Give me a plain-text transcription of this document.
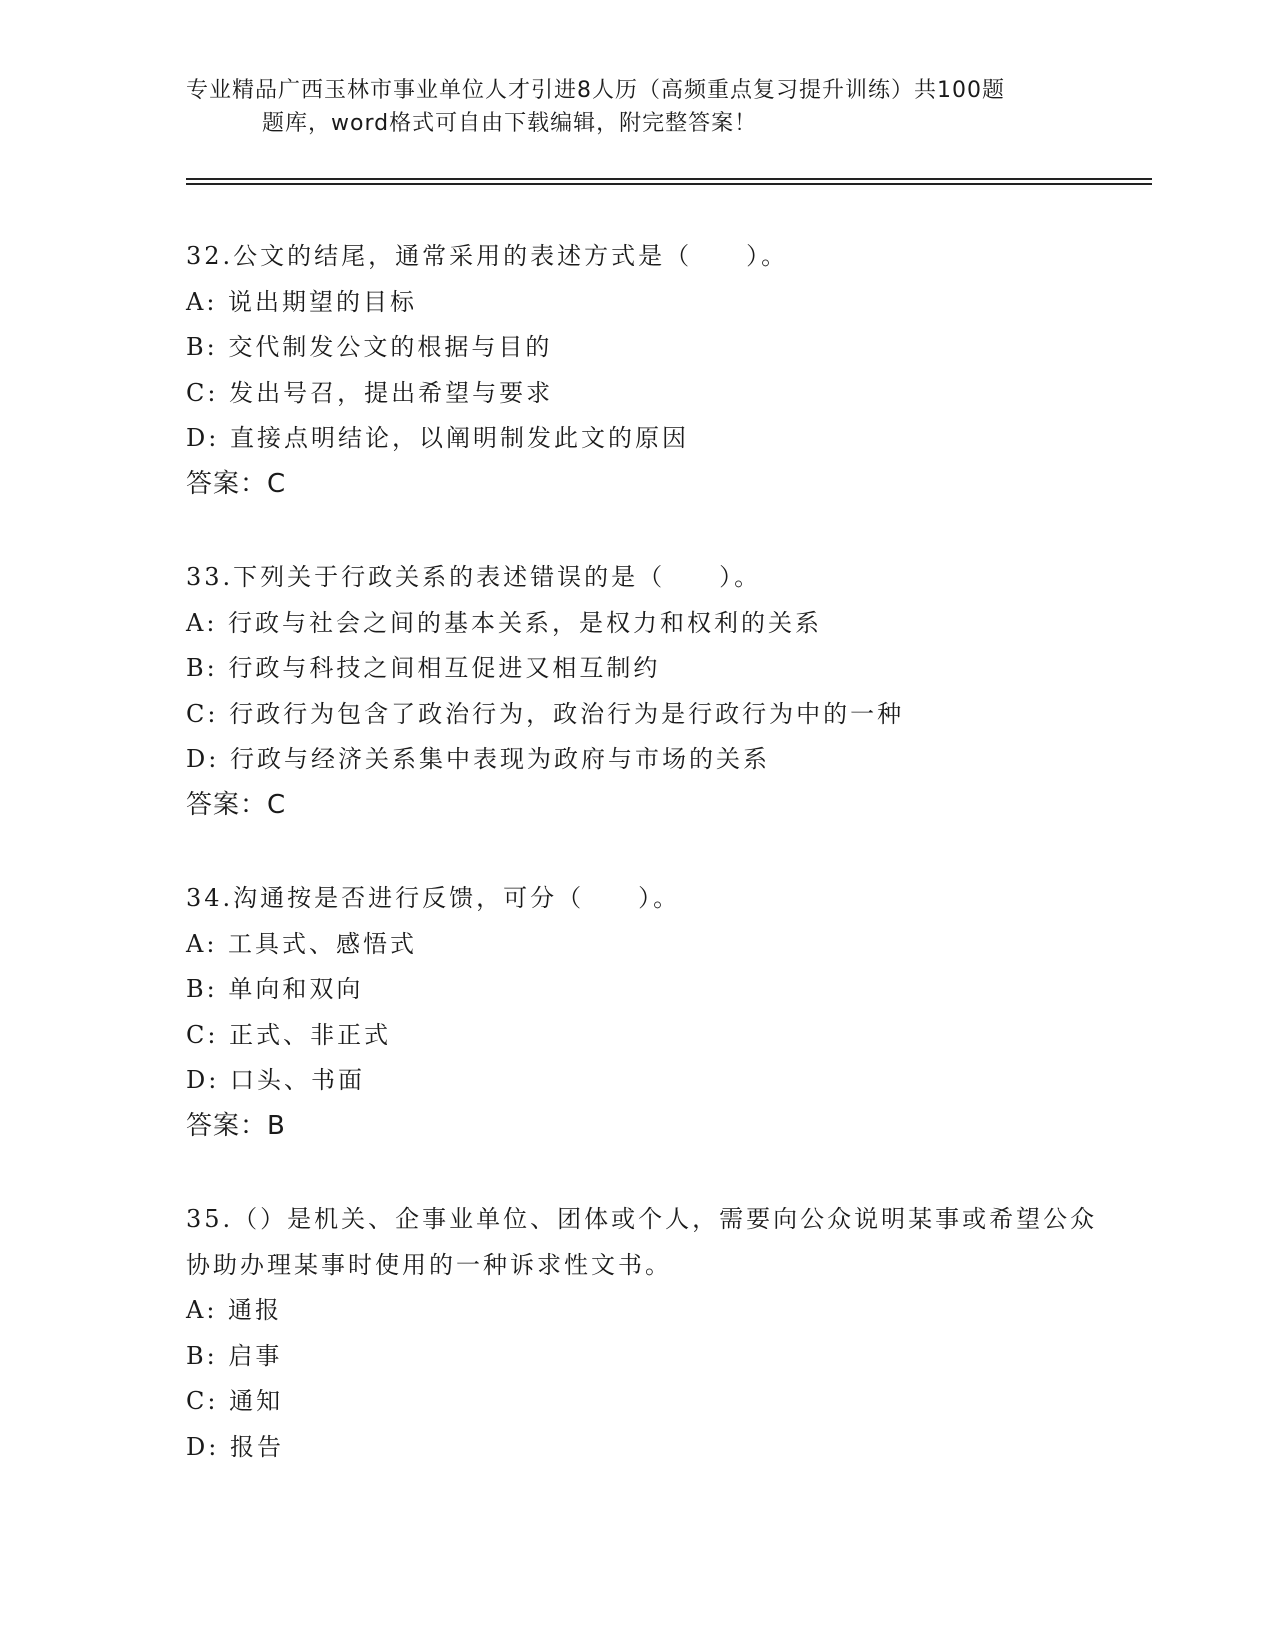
专业精品广西玉林市事业单位人才引进8人历（高频重点复习提升训练）共100题
题库，word格式可自由下载编辑，附完整答案！
32.公文的结尾，通常采用的表述方式是（　　）。
A: 说出期望的目标
B: 交代制发公文的根据与目的
C: 发出号召，提出希望与要求
D: 直接点明结论，以阐明制发此文的原因
答案：C
33.下列关于行政关系的表述错误的是（　　）。
A: 行政与社会之间的基本关系，是权力和权利的关系
B: 行政与科技之间相互促进又相互制约
C: 行政行为包含了政治行为，政治行为是行政行为中的一种
D: 行政与经济关系集中表现为政府与市场的关系
答案：C
34.沟通按是否进行反馈，可分（　　）。
A: 工具式、感悟式
B: 单向和双向
C: 正式、非正式
D: 口头、书面
答案：B
35.（）是机关、企事业单位、团体或个人，需要向公众说明某事或希望公众协助办理某事时使用的一种诉求性文书。
A: 通报
B: 启事
C: 通知
D: 报告
